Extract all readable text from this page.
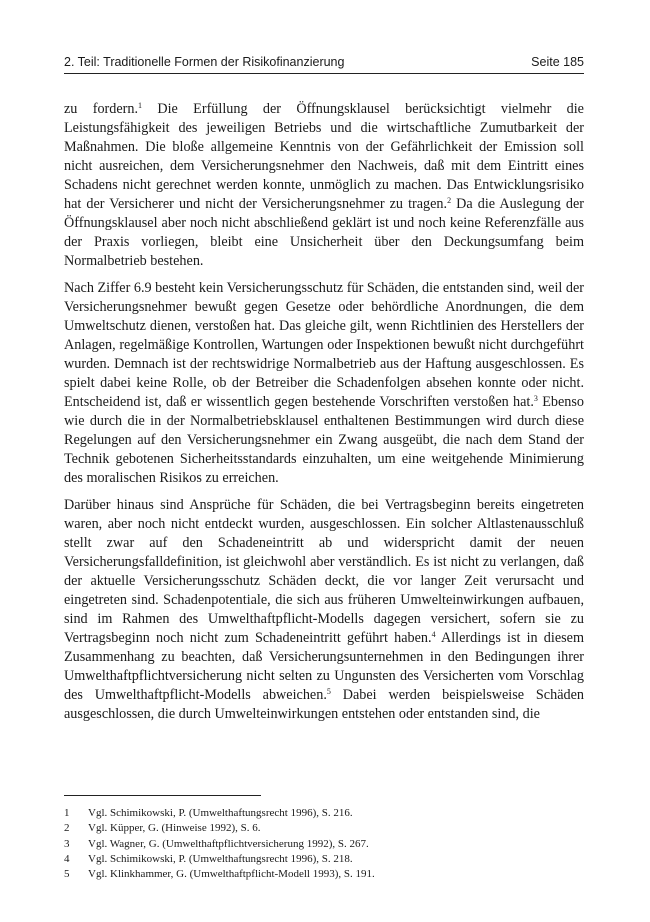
2. Teil: Traditionelle Formen der Risikofinanzierung	Seite 185

zu fordern.$^1$ Die Erfüllung der Öffnungsklausel berücksichtigt vielmehr die Leistungsfähigkeit des jeweiligen Betriebs und die wirtschaftliche Zumutbarkeit der Maßnahmen. Die bloße allgemeine Kenntnis von der Gefährlichkeit der Emission soll nicht ausreichen, dem Versicherungsnehmer den Nachweis, daß mit dem Eintritt eines Schadens nicht gerechnet werden konnte, unmöglich zu machen. Das Entwicklungsrisiko hat der Versicherer und nicht der Versicherungsnehmer zu tragen.$^2$ Da die Auslegung der Öffnungsklausel aber noch nicht abschließend geklärt ist und noch keine Referenzfälle aus der Praxis vorliegen, bleibt eine Unsicherheit über den Deckungsumfang beim Normalbetrieb bestehen.

Nach Ziffer 6.9 besteht kein Versicherungsschutz für Schäden, die entstanden sind, weil der Versicherungsnehmer bewußt gegen Gesetze oder behördliche Anordnungen, die dem Umweltschutz dienen, verstoßen hat. Das gleiche gilt, wenn Richtlinien des Herstellers der Anlagen, regelmäßige Kontrollen, Wartungen oder Inspektionen bewußt nicht durchgeführt wurden. Demnach ist der rechtswidrige Normalbetrieb aus der Haftung ausgeschlossen. Es spielt dabei keine Rolle, ob der Betreiber die Schadenfolgen absehen konnte oder nicht. Entscheidend ist, daß er wissentlich gegen bestehende Vorschriften verstoßen hat.$^3$ Ebenso wie durch die in der Normalbetriebsklausel enthaltenen Bestimmungen wird durch diese Regelungen auf den Versicherungsnehmer ein Zwang ausgeübt, die nach dem Stand der Technik gebotenen Sicherheitsstandards einzuhalten, um eine weitgehende Minimierung des moralischen Risikos zu erreichen.

Darüber hinaus sind Ansprüche für Schäden, die bei Vertragsbeginn bereits eingetreten waren, aber noch nicht entdeckt wurden, ausgeschlossen. Ein solcher Altlastenausschluß stellt zwar auf den Schadeneintritt ab und widerspricht damit der neuen Versicherungsfalldefinition, ist gleichwohl aber verständlich. Es ist nicht zu verlangen, daß der aktuelle Versicherungsschutz Schäden deckt, die vor langer Zeit verursacht und eingetreten sind. Schadenpotentiale, die sich aus früheren Umwelteinwirkungen aufbauen, sind im Rahmen des Umwelthaftpflicht-Modells dagegen versichert, sofern sie zu Vertragsbeginn noch nicht zum Schadeneintritt geführt haben.$^4$ Allerdings ist in diesem Zusammenhang zu beachten, daß Versicherungsunternehmen in den Bedingungen ihrer Umwelthaftpflichtversicherung nicht selten zu Ungunsten des Versicherten vom Vorschlag des Umwelthaftpflicht-Modells abweichen.$^5$ Dabei werden beispielsweise Schäden ausgeschlossen, die durch Umwelteinwirkungen entstehen oder entstanden sind, die

1	Vgl. Schimikowski, P. (Umwelthaftungsrecht 1996), S. 216.
2	Vgl. Küpper, G. (Hinweise 1992), S. 6.
3	Vgl. Wagner, G. (Umwelthaftpflichtversicherung 1992), S. 267.
4	Vgl. Schimikowski, P. (Umwelthaftungsrecht 1996), S. 218.
5	Vgl. Klinkhammer, G. (Umwelthaftpflicht-Modell 1993), S. 191.
